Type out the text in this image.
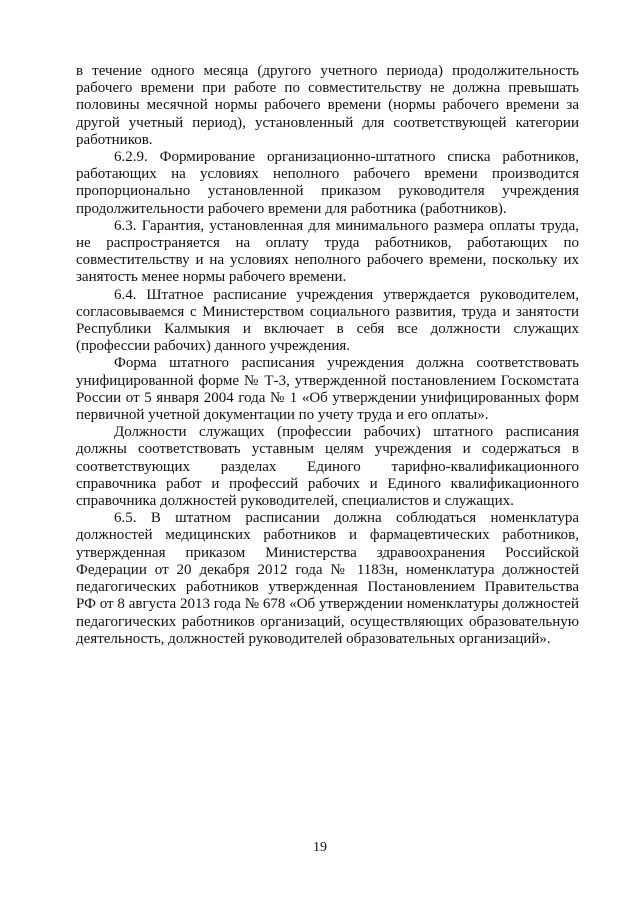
в течение одного месяца (другого учетного периода) продолжительность рабочего времени при работе по совместительству не должна превышать половины месячной нормы рабочего времени (нормы рабочего времени за другой учетный период), установленный для соответствующей категории работников.

6.2.9. Формирование организационно-штатного списка работников, работающих на условиях неполного рабочего времени производится пропорционально установленной приказом руководителя учреждения продолжительности рабочего времени для работника (работников).

6.3. Гарантия, установленная для минимального размера оплаты труда, не распространяется на оплату труда работников, работающих по совместительству и на условиях неполного рабочего времени, поскольку их занятость менее нормы рабочего времени.

6.4. Штатное расписание учреждения утверждается руководителем, согласовываемся с Министерством социального развития, труда и занятости Республики Калмыкия и включает в себя все должности служащих (профессии рабочих) данного учреждения.

Форма штатного расписания учреждения должна соответствовать унифицированной форме № Т-3, утвержденной постановлением Госкомстата России от 5 января 2004 года № 1 «Об утверждении унифицированных форм первичной учетной документации по учету труда и его оплаты».

Должности служащих (профессии рабочих) штатного расписания должны соответствовать уставным целям учреждения и содержаться в соответствующих разделах Единого тарифно-квалификационного справочника работ и профессий рабочих и Единого квалификационного справочника должностей руководителей, специалистов и служащих.

6.5. В штатном расписании должна соблюдаться номенклатура должностей медицинских работников и фармацевтических работников, утвержденная приказом Министерства здравоохранения Российской Федерации от 20 декабря 2012 года № 1183н, номенклатура должностей педагогических работников утвержденная Постановлением Правительства РФ от 8 августа 2013 года № 678 «Об утверждении номенклатуры должностей педагогических работников организаций, осуществляющих образовательную деятельность, должностей руководителей образовательных организаций».

19
